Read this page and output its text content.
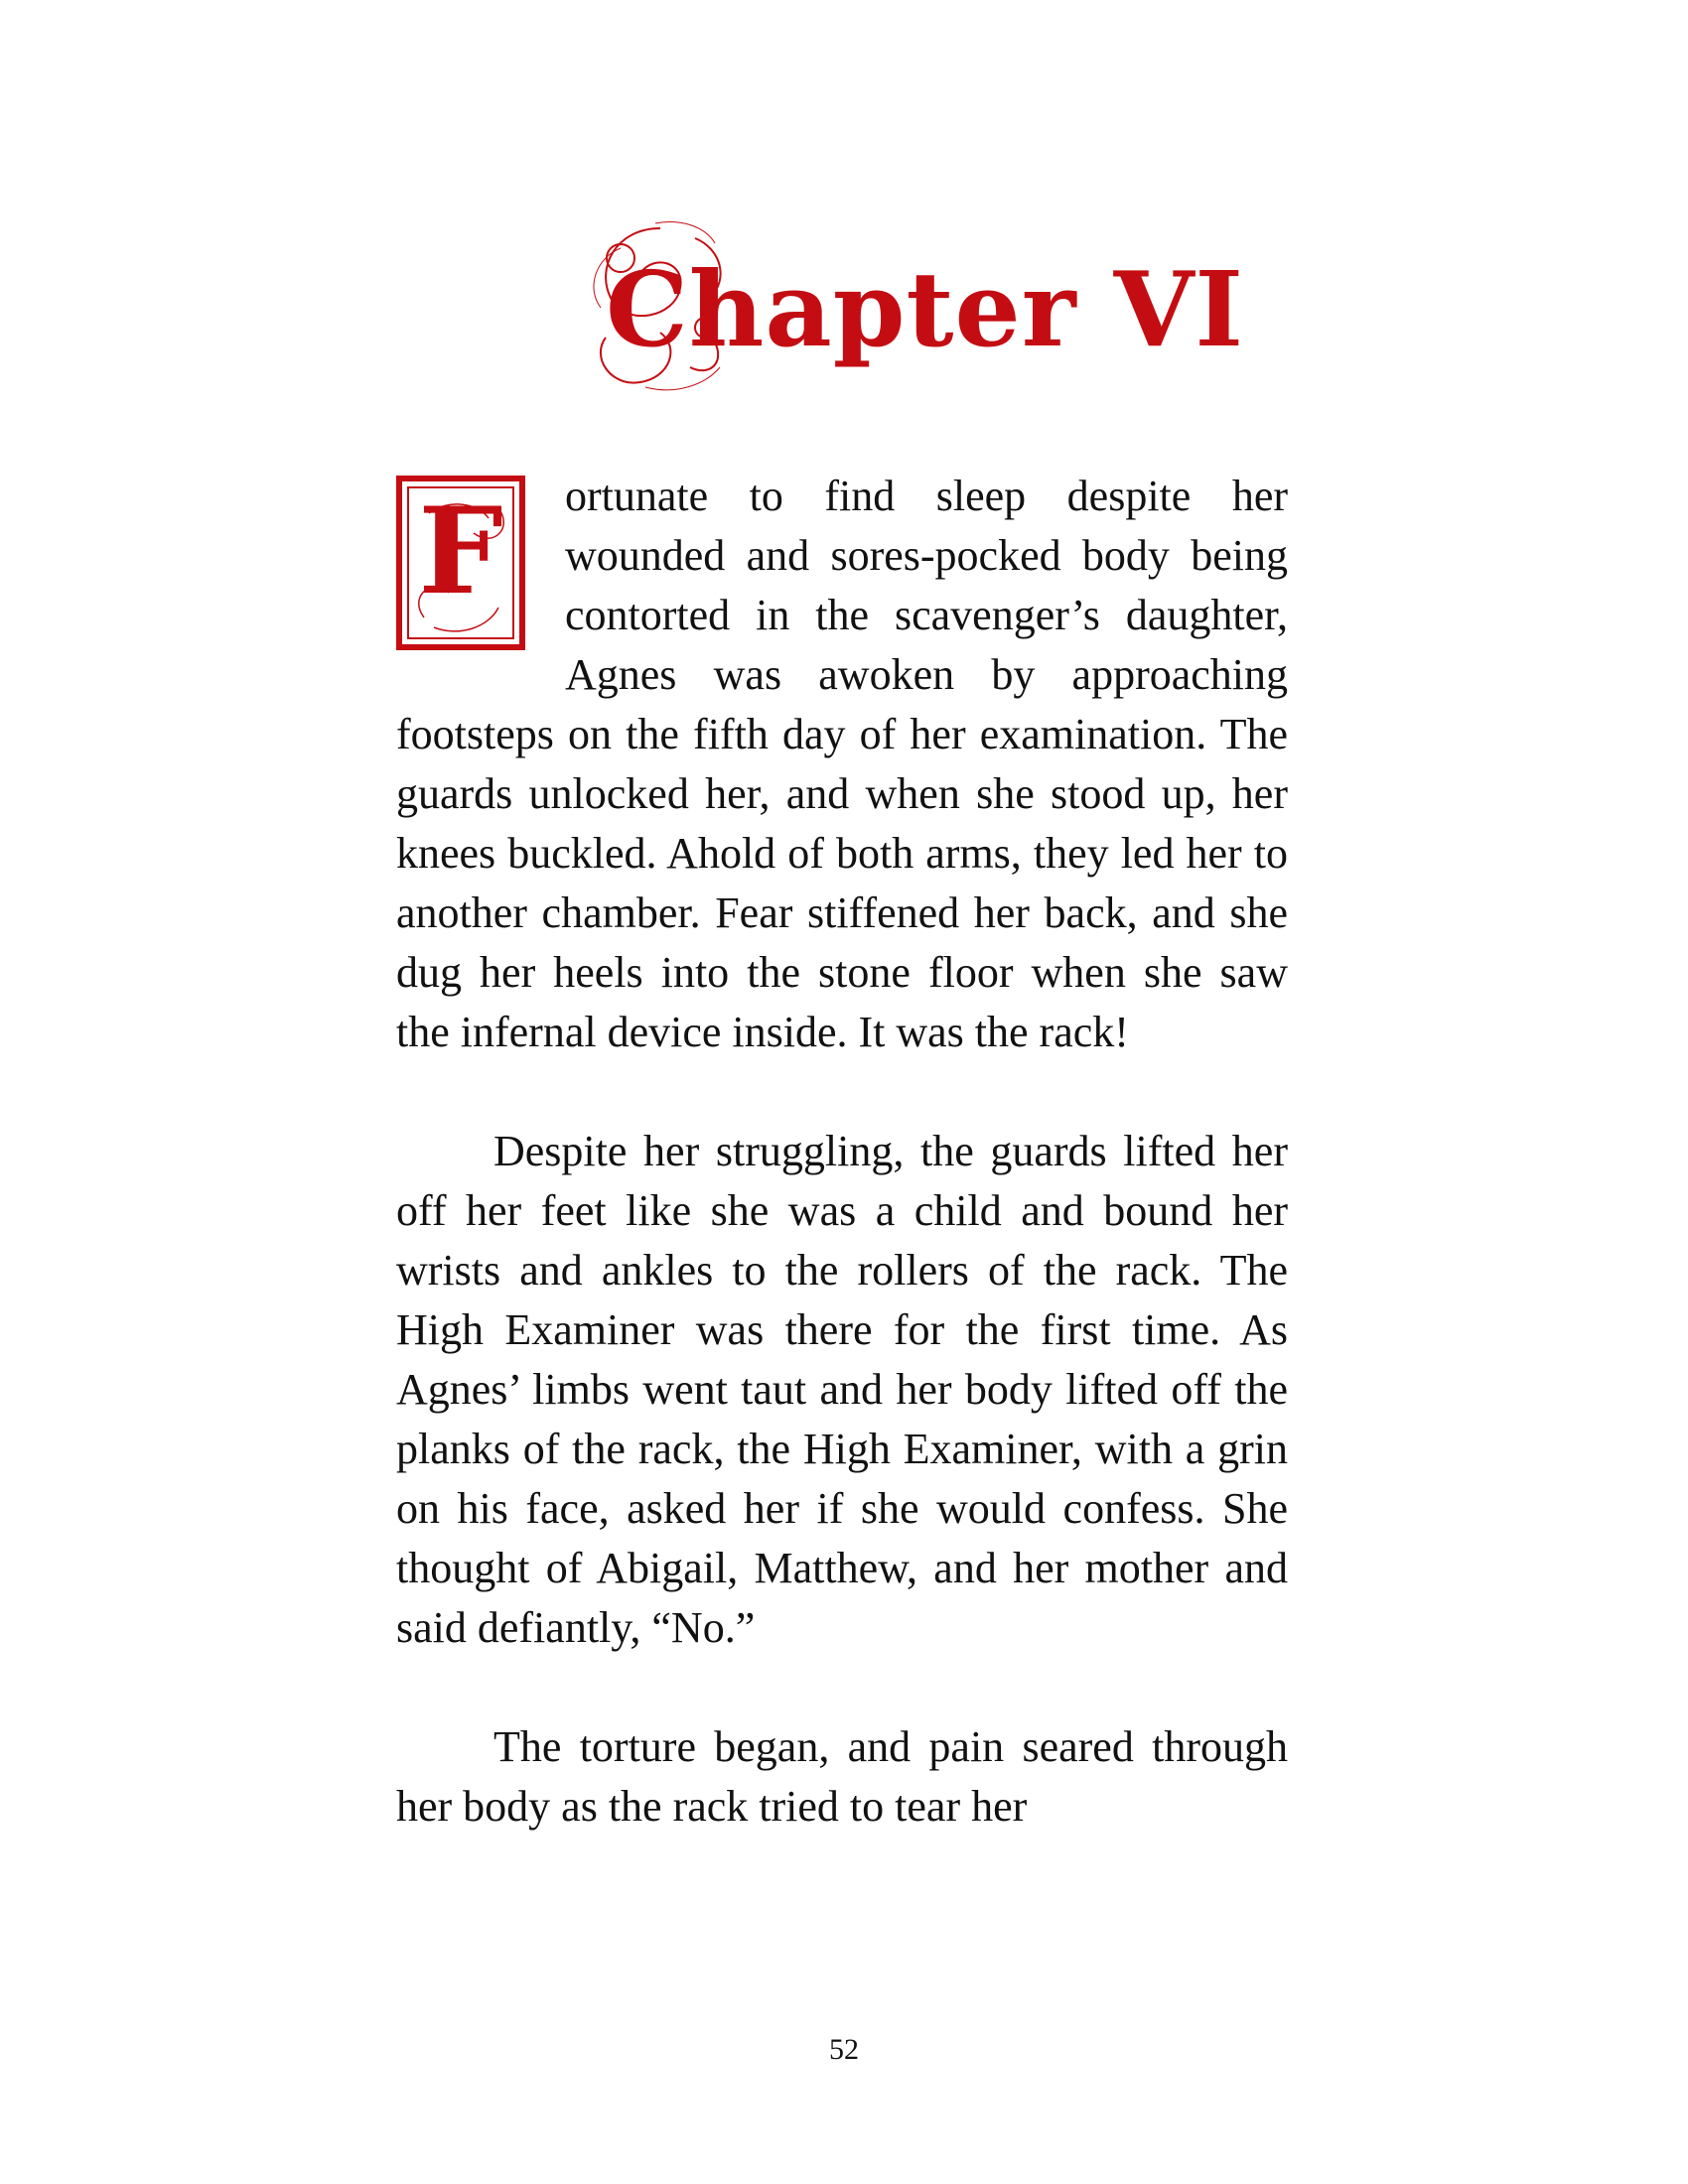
Chapter VI

F ortunate to find sleep despite her wounded and sores-pocked body being contorted in the scavenger’s daughter, Agnes was awoken by approaching footsteps on the fifth day of her examination. The guards unlocked her, and when she stood up, her knees buckled. Ahold of both arms, they led her to another chamber. Fear stiffened her back, and she dug her heels into the stone floor when she saw the infernal device inside. It was the rack!

Despite her struggling, the guards lifted her off her feet like she was a child and bound her wrists and ankles to the rollers of the rack. The High Examiner was there for the first time. As Agnes’ limbs went taut and her body lifted off the planks of the rack, the High Examiner, with a grin on his face, asked her if she would confess. She thought of Abigail, Matthew, and her mother and said defiantly, “No.”

The torture began, and pain seared through her body as the rack tried to tear her

52
